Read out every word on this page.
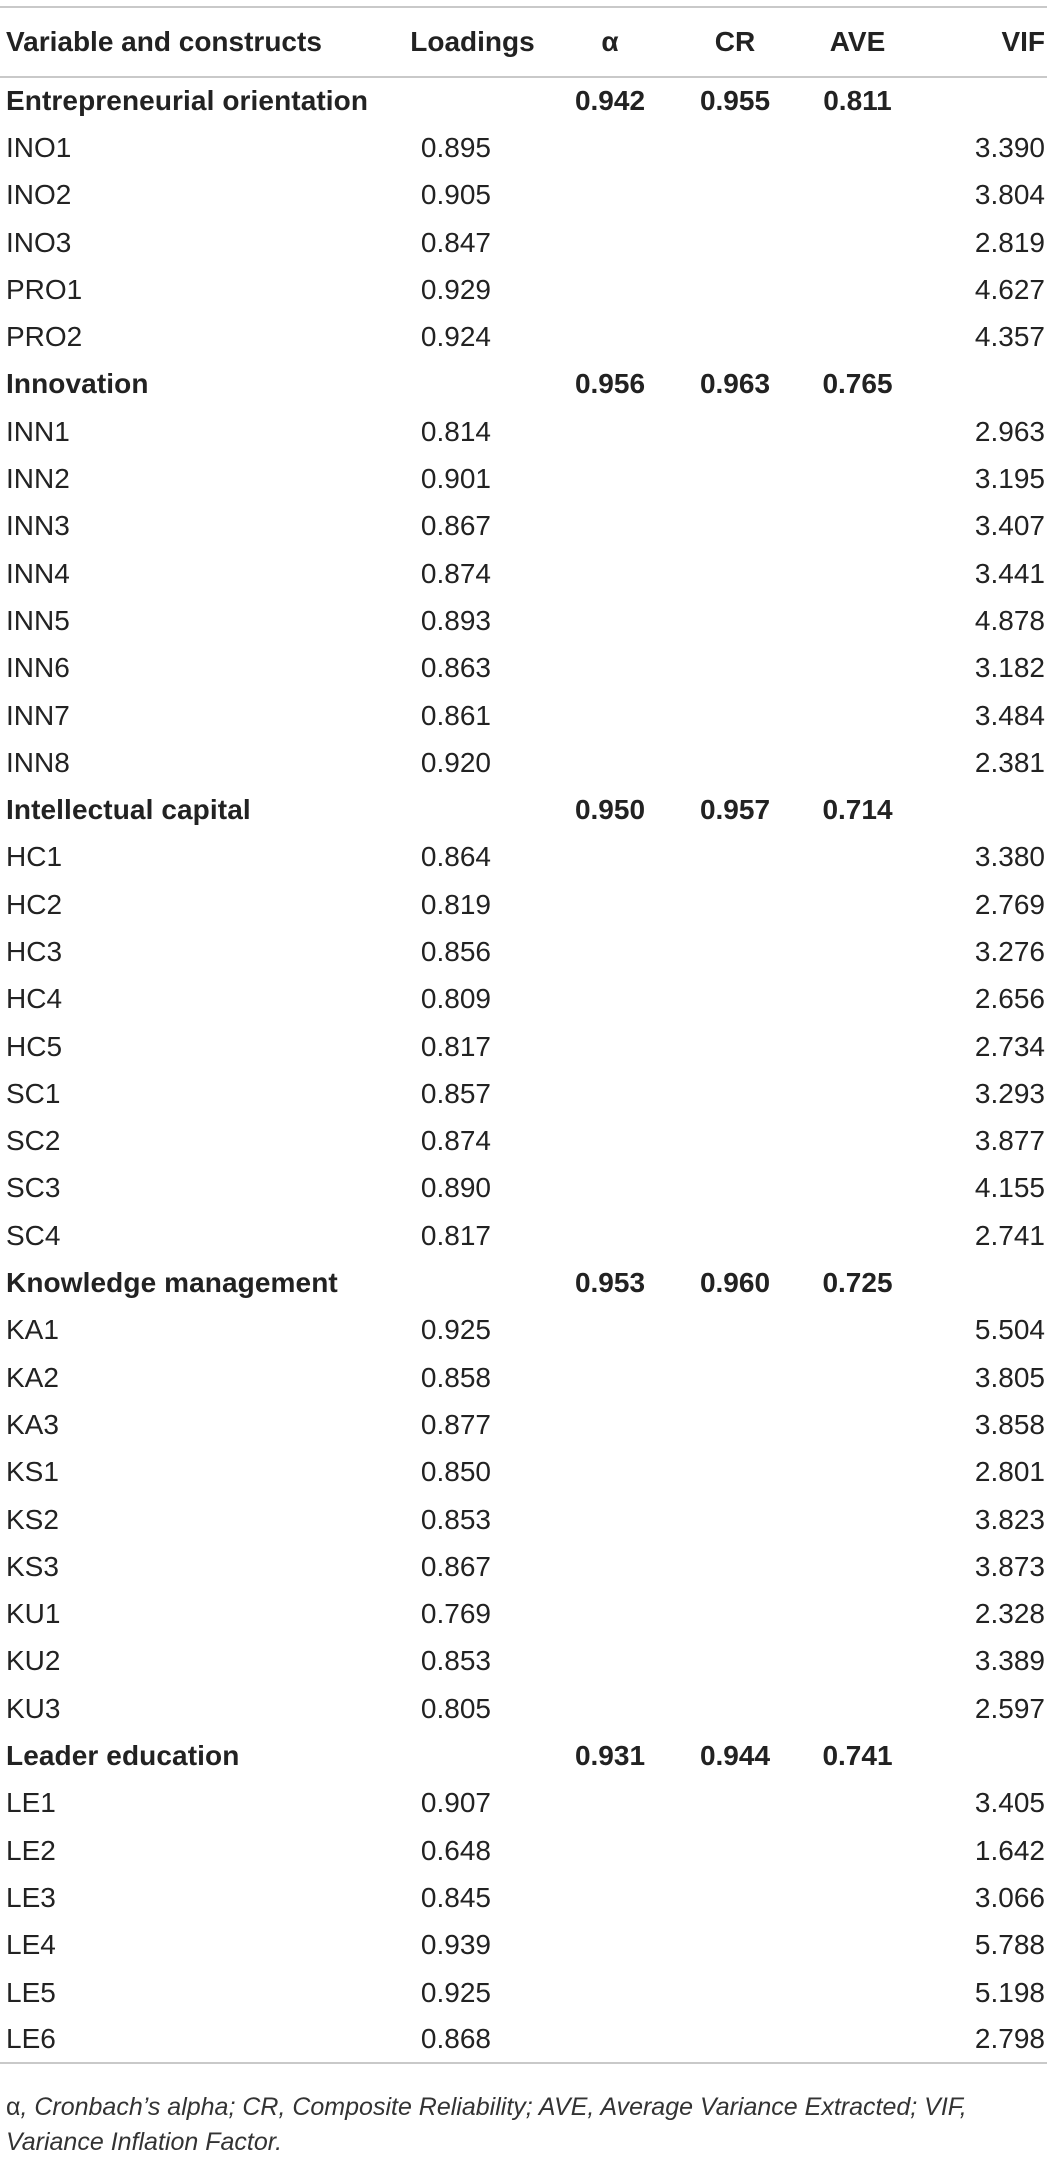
Variable and constructs	Loadings	α	CR	AVE	VIF
Entrepreneurial orientation		0.942	0.955	0.811	
INO1	0.895				3.390
INO2	0.905				3.804
INO3	0.847				2.819
PRO1	0.929				4.627
PRO2	0.924				4.357
Innovation		0.956	0.963	0.765	
INN1	0.814				2.963
INN2	0.901				3.195
INN3	0.867				3.407
INN4	0.874				3.441
INN5	0.893				4.878
INN6	0.863				3.182
INN7	0.861				3.484
INN8	0.920				2.381
Intellectual capital		0.950	0.957	0.714	
HC1	0.864				3.380
HC2	0.819				2.769
HC3	0.856				3.276
HC4	0.809				2.656
HC5	0.817				2.734
SC1	0.857				3.293
SC2	0.874				3.877
SC3	0.890				4.155
SC4	0.817				2.741
Knowledge management		0.953	0.960	0.725	
KA1	0.925				5.504
KA2	0.858				3.805
KA3	0.877				3.858
KS1	0.850				2.801
KS2	0.853				3.823
KS3	0.867				3.873
KU1	0.769				2.328
KU2	0.853				3.389
KU3	0.805				2.597
Leader education		0.931	0.944	0.741	
LE1	0.907				3.405
LE2	0.648				1.642
LE3	0.845				3.066
LE4	0.939				5.788
LE5	0.925				5.198
LE6	0.868				2.798
α, Cronbach’s alpha; CR, Composite Reliability; AVE, Average Variance Extracted; VIF, Variance Inflation Factor.
